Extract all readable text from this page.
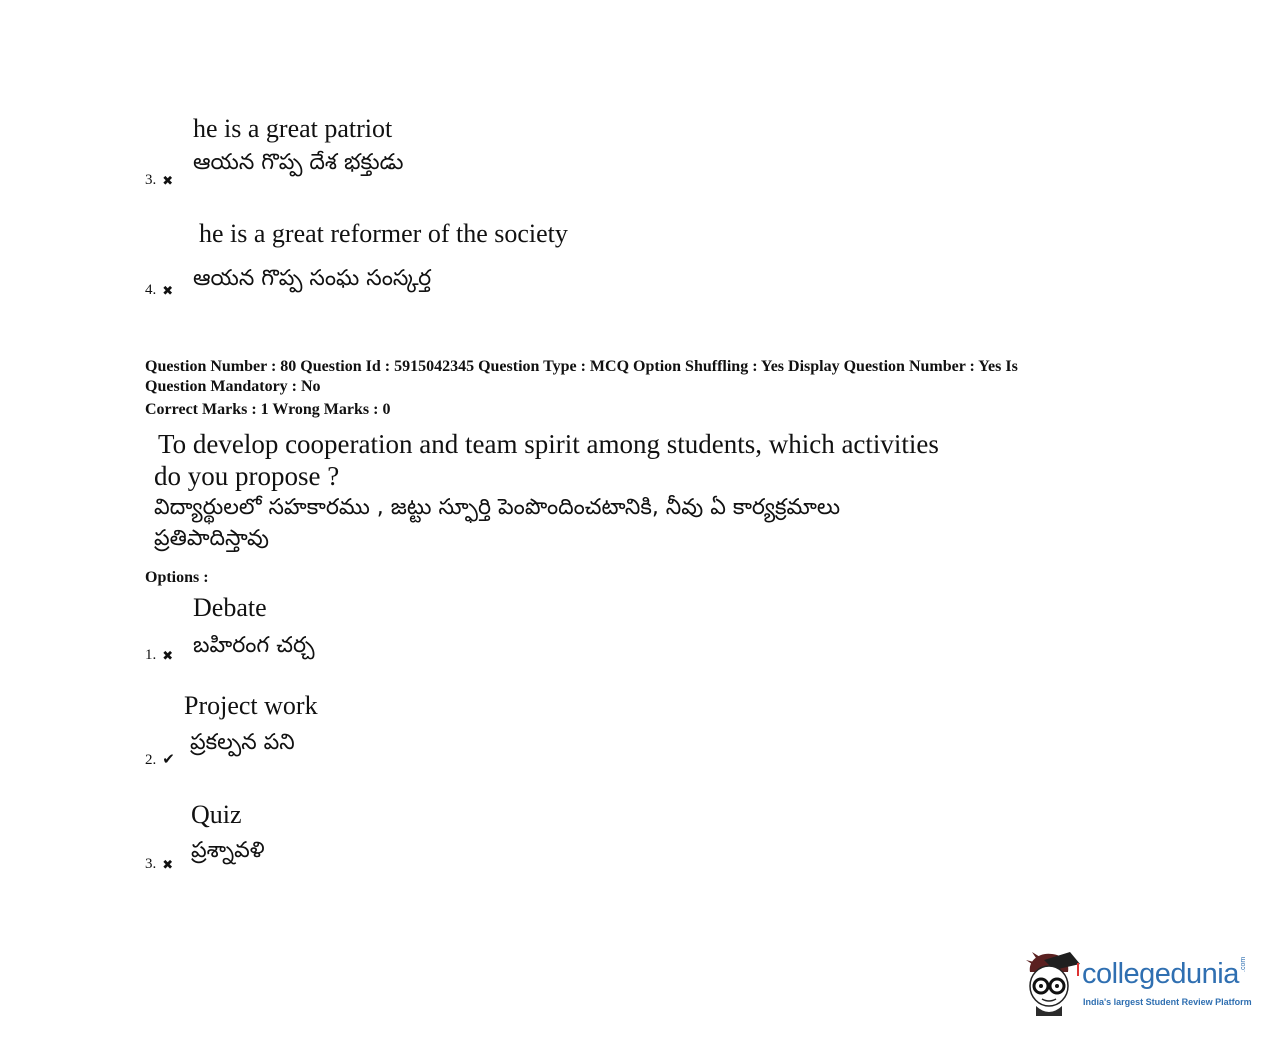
he is a great patriot
ఆయన గొప్ప దేశ భక్తుడు
3. ✖
he is a great reformer of the society
ఆయన గొప్ప సంఘ సంస్కర్త
4. ✖
Question Number : 80 Question Id : 5915042345 Question Type : MCQ Option Shuffling : Yes Display Question Number : Yes Is
Question Mandatory : No
Correct Marks : 1 Wrong Marks : 0
To develop cooperation and team spirit among students, which activities
do you propose ?
విద్యార్థులలో సహకారము , జట్టు స్ఫూర్తి పెంపొందించటానికి, నీవు ఏ కార్యక్రమాలు
ప్రతిపాదిస్తావు
Options :
Debate
బహిరంగ చర్చ
1. ✖
Project work
ప్రకల్పన పని
2. ✔
Quiz
ప్రశ్నావళి
3. ✖
collegedunia .com
India's largest Student Review Platform
